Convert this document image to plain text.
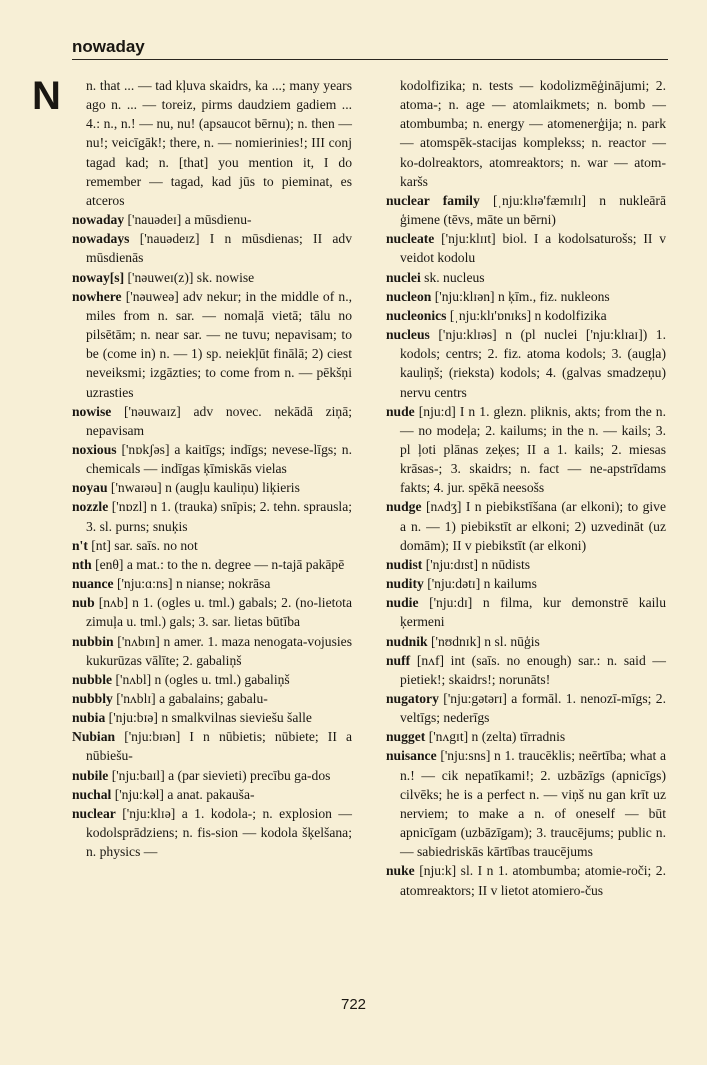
nowaday
N	n. that ... — tad kļuva skaidrs, ka ...; many years ago n. ... — toreiz, pirms daudziem gadiem ... 4.: n., n.! — nu, nu! (apsaucot bērnu); n. then — nu!; veicīgāk!; there, n. — nomierinies!; III conj tagad kad; n. [that] you mention it, I do remember — tagad, kad jūs to pieminat, es atceros

nowaday ['nauədeɪ] a mūsdienu-

nowadays ['nauədeɪz] I n mūsdienas; II adv mūsdienās

noway[s] ['nəuweɪ(z)] sk. nowise

nowhere ['nəuweə] adv nekur; in the middle of n., miles from n. sar. — nomaļā vietā; tālu no pilsētām; n. near sar. — ne tuvu; nepavisam; to be (come in) n. — 1) sp. neiekļūt finālā; 2) ciest neveiksmi; izgāzties; to come from n. — pēkšņi uzrasties

nowise ['nəuwaɪz] adv novec. nekādā ziņā; nepavisam

noxious ['nɒkʃəs] a kaitīgs; indīgs; nevese-līgs; n. chemicals — indīgas ķīmiskās vielas

noyau ['nwaɪəu] n (augļu kauliņu) liķieris

nozzle ['nɒzl] n 1. (trauka) snīpis; 2. tehn. sprausla; 3. sl. purns; snuķis

n't [nt] sar. saīs. no not

nth [enθ] a mat.: to the n. degree — n-tajā pakāpē

nuance ['nju:ɑ:ns] n nianse; nokrāsa

nub [nʌb] n 1. (ogles u. tml.) gabals; 2. (no-lietota zimuļa u. tml.) gals; 3. sar. lietas būtība

nubbin ['nʌbɪn] n amer. 1. maza nenogata-vojusies kukurūzas vālīte; 2. gabaliņš

nubble ['nʌbl] n (ogles u. tml.) gabaliņš

nubbly ['nʌblɪ] a gabalains; gabalu-

nubia ['nju:bɪə] n smalkvilnas sieviešu šalle

Nubian ['nju:bɪən] I n nūbietis; nūbiete; II a nūbiešu-

nubile ['nju:baɪl] a (par sievieti) precību ga-dos

nuchal ['nju:kəl] a anat. pakauša-

nuclear ['nju:klɪə] a 1. kodola-; n. explosion — kodolsprādziens; n. fis-sion — kodola šķelšana; n. physics —

kodolfizika; n. tests — kodolizmēģinājumi; 2. atoma-; n. age — atomlaikmets; n. bomb — atombumba; n. energy — atomenerģija; n. park — atomspēk-stacijas komplekss; n. reactor — ko-dolreaktors, atomreaktors; n. war — atom-karšs

nuclear family [ˌnju:klɪə'fæmɪlɪ] n nukleārā ģimene (tēvs, māte un bērni)

nucleate ['nju:klɪɪt] biol. I a kodolsaturošs; II v veidot kodolu

nuclei sk. nucleus

nucleon ['nju:klɪən] n ķīm., fiz. nukleons

nucleonics [ˌnju:klɪ'ɒnɪks] n kodolfizika

nucleus ['nju:klɪəs] n (pl nuclei ['nju:klɪaɪ]) 1. kodols; centrs; 2. fiz. atoma kodols; 3. (augļa) kauliņš; (rieksta) kodols; 4. (galvas smadzeņu) nervu centrs

nude [nju:d] I n 1. glezn. pliknis, akts; from the n. — no modeļa; 2. kailums; in the n. — kails; 3. pl ļoti plānas zeķes; II a 1. kails; 2. miesas krāsas-; 3. skaidrs; n. fact — ne-apstrīdams fakts; 4. jur. spēkā neesošs

nudge [nʌdʒ] I n piebikstīšana (ar elkoni); to give a n. — 1) piebikstīt ar elkoni; 2) uzvedināt (uz domām); II v piebikstīt (ar elkoni)

nudist ['nju:dɪst] n nūdists

nudity ['nju:dətɪ] n kailums

nudie ['nju:dɪ] n filma, kur demonstrē kailu ķermeni

nudnik ['nʊdnɪk] n sl. nūģis

nuff [nʌf] int (saīs. no enough) sar.: n. said — pietiek!; skaidrs!; norunāts!

nugatory ['nju:gətərɪ] a formāl. 1. nenozī-mīgs; 2. veltīgs; nederīgs

nugget ['nʌgɪt] n (zelta) tīrradnis

nuisance ['nju:sns] n 1. traucēklis; neērtība; what a n.! — cik nepatīkami!; 2. uzbāzīgs (apnicīgs) cilvēks; he is a perfect n. — viņš nu gan krīt uz nerviem; to make a n. of oneself — būt apnicīgam (uzbāzīgam); 3. traucējums; public n. — sabiedriskās kārtības traucējums

nuke [nju:k] sl. I n 1. atombumba; atomie-roči; 2. atomreaktors; II v lietot atomiero-čus

722
